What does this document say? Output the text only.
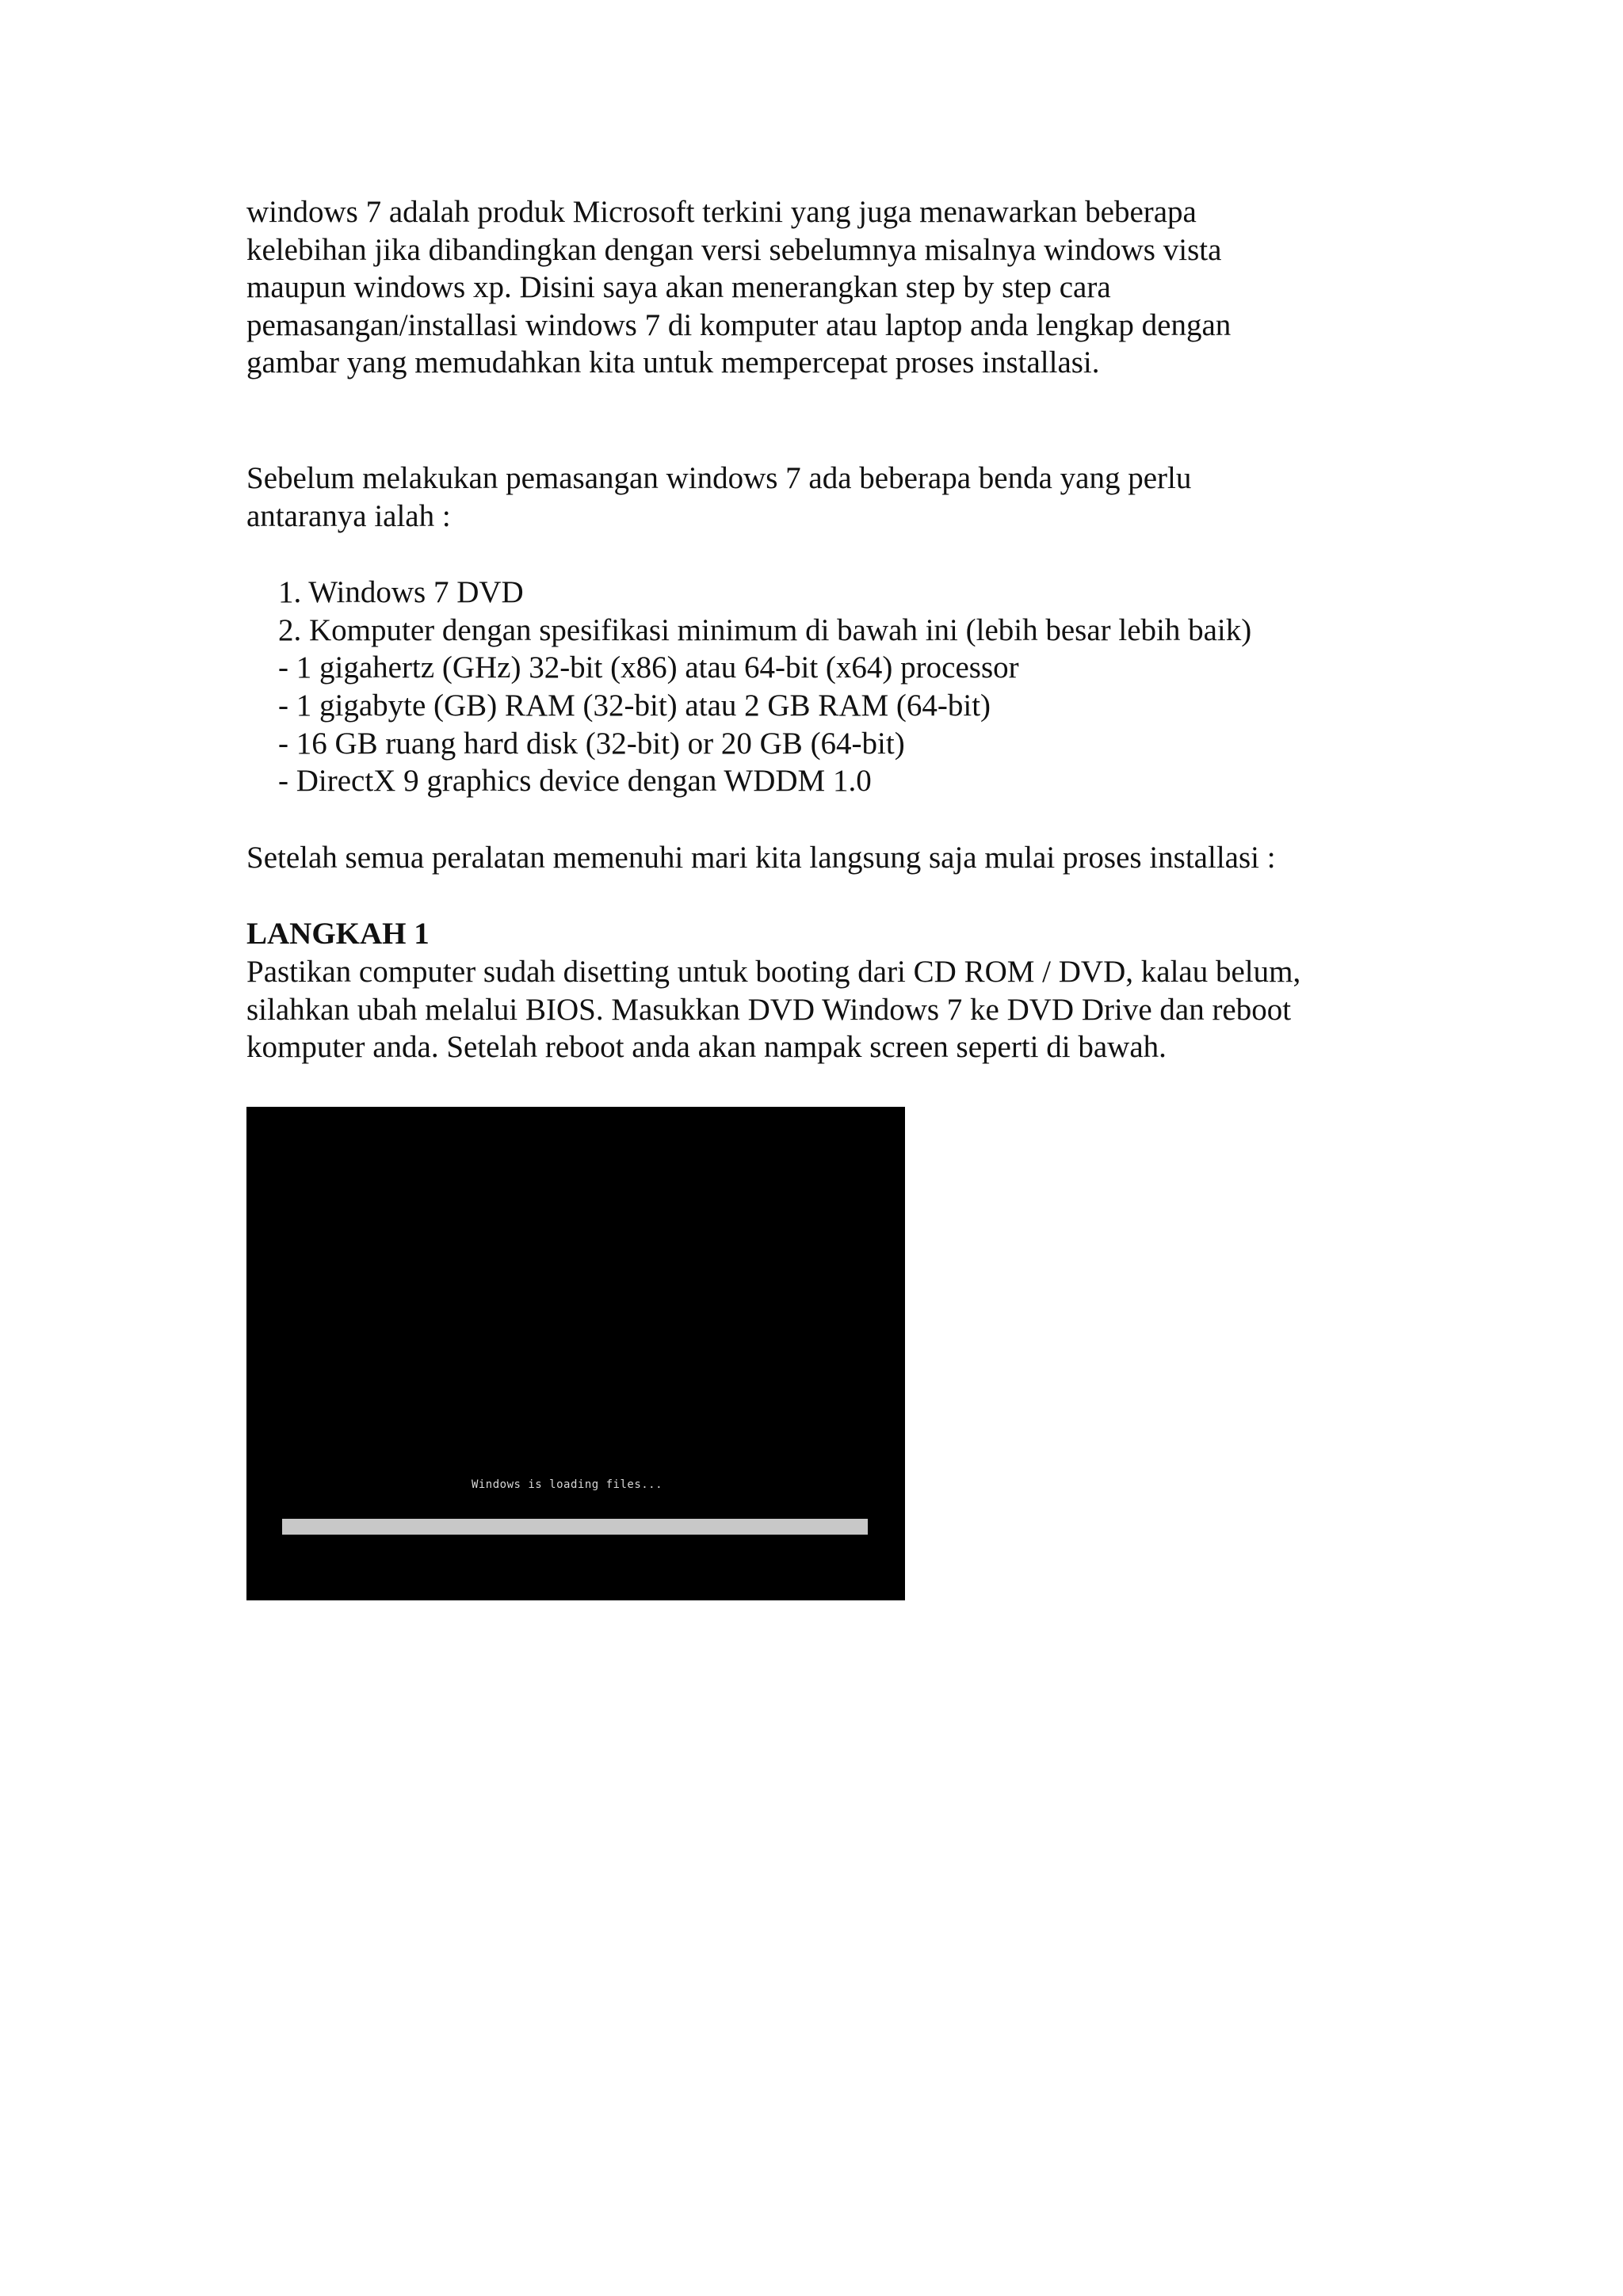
windows 7 adalah produk Microsoft terkini yang juga menawarkan beberapa
kelebihan jika dibandingkan dengan versi sebelumnya misalnya windows vista
maupun windows xp. Disini saya akan menerangkan step by step cara
pemasangan/installasi windows 7 di komputer atau laptop anda lengkap dengan
gambar yang memudahkan kita untuk mempercepat proses installasi.

Sebelum melakukan pemasangan windows 7 ada beberapa benda yang perlu
antaranya ialah :

1. Windows 7 DVD
2. Komputer dengan spesifikasi minimum di bawah ini (lebih besar lebih baik)
- 1 gigahertz (GHz) 32-bit (x86) atau 64-bit (x64) processor
- 1 gigabyte (GB) RAM (32-bit) atau 2 GB RAM (64-bit)
- 16 GB ruang hard disk (32-bit) or 20 GB (64-bit)
- DirectX 9 graphics device dengan WDDM 1.0

Setelah semua peralatan memenuhi mari kita langsung saja mulai proses installasi :

LANGKAH 1

Pastikan computer sudah disetting untuk booting dari CD ROM / DVD, kalau belum,
silahkan ubah melalui BIOS. Masukkan DVD Windows 7 ke DVD Drive dan reboot
komputer anda. Setelah reboot anda akan nampak screen seperti di bawah.

Windows is loading files...
